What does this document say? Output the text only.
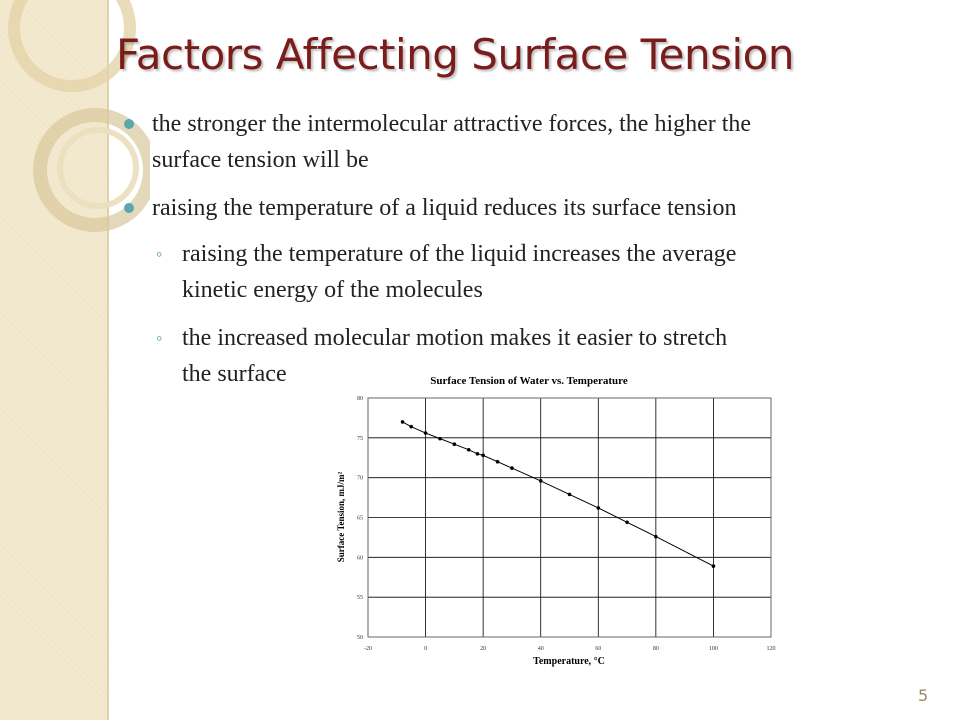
Factors Affecting Surface Tension
the stronger the intermolecular attractive forces, the higher the
surface tension will be
raising the temperature of a liquid reduces its surface tension
◦ raising the temperature of the liquid increases the average
kinetic energy of the molecules
◦ the increased molecular motion makes it easier to stretch
the surface	Surface Tension of Water vs. Temperature
-20	0	20	40	60	80	100	120
50
55
60
65
70
75
80
Temperature, °C
Surface Tension, mJ/m²
5
